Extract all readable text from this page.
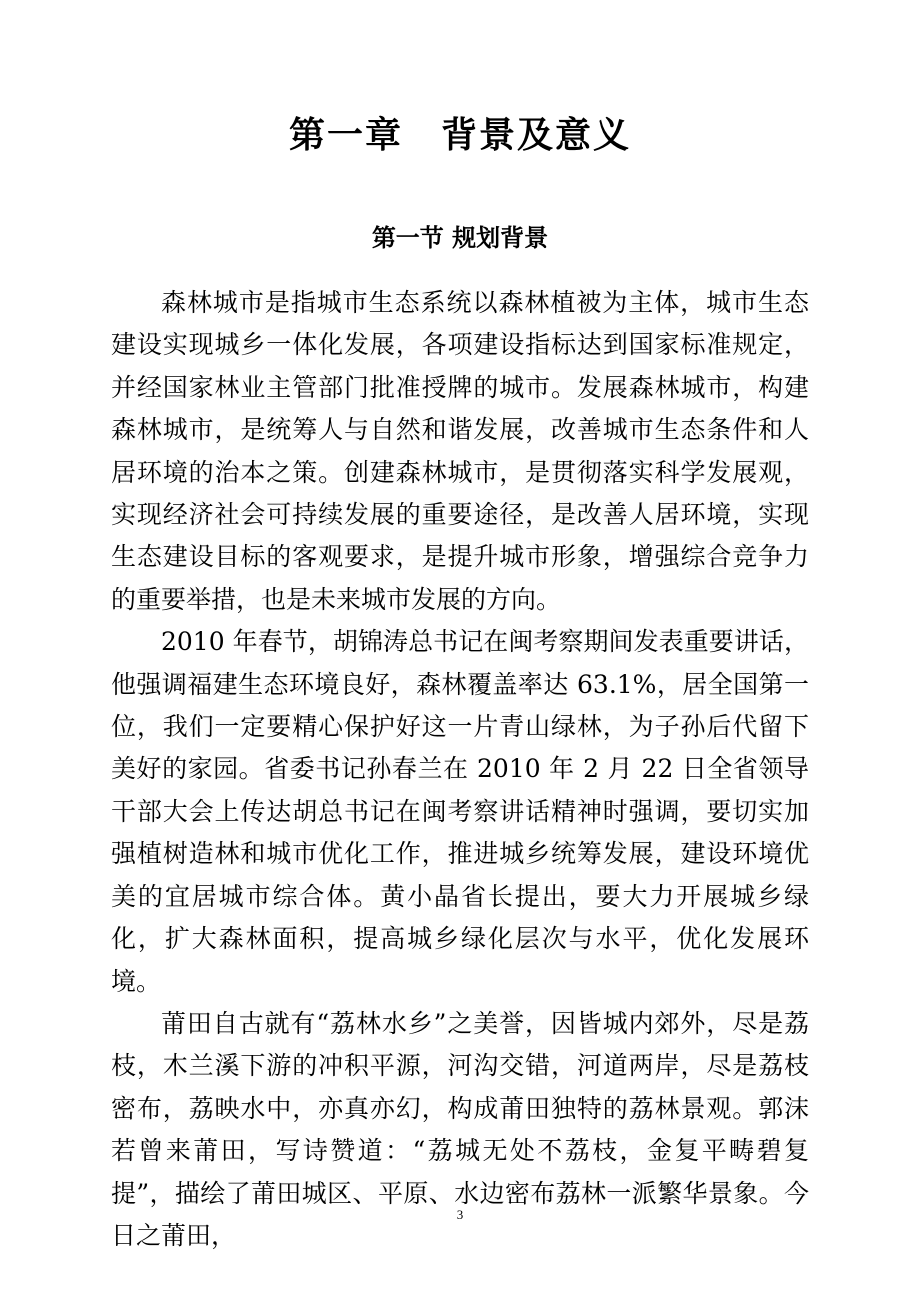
第一章　背景及意义
第一节 规划背景

森林城市是指城市生态系统以森林植被为主体，城市生态建设实现城乡一体化发展，各项建设指标达到国家标准规定，并经国家林业主管部门批准授牌的城市。发展森林城市，构建森林城市，是统筹人与自然和谐发展，改善城市生态条件和人居环境的治本之策。创建森林城市，是贯彻落实科学发展观，实现经济社会可持续发展的重要途径，是改善人居环境，实现生态建设目标的客观要求，是提升城市形象，增强综合竞争力的重要举措，也是未来城市发展的方向。

2010 年春节，胡锦涛总书记在闽考察期间发表重要讲话，他强调福建生态环境良好，森林覆盖率达 63.1%，居全国第一位，我们一定要精心保护好这一片青山绿林，为子孙后代留下美好的家园。省委书记孙春兰在 2010 年 2 月 22 日全省领导干部大会上传达胡总书记在闽考察讲话精神时强调，要切实加强植树造林和城市优化工作，推进城乡统筹发展，建设环境优美的宜居城市综合体。黄小晶省长提出，要大力开展城乡绿化，扩大森林面积，提高城乡绿化层次与水平，优化发展环境。

莆田自古就有“荔林水乡”之美誉，因皆城内郊外，尽是荔枝，木兰溪下游的冲积平源，河沟交错，河道两岸，尽是荔枝密布，荔映水中，亦真亦幻，构成莆田独特的荔林景观。郭沫若曾来莆田，写诗赞道：“荔城无处不荔枝，金复平畴碧复提”，描绘了莆田城区、平原、水边密布荔林一派繁华景象。今日之莆田，

3
